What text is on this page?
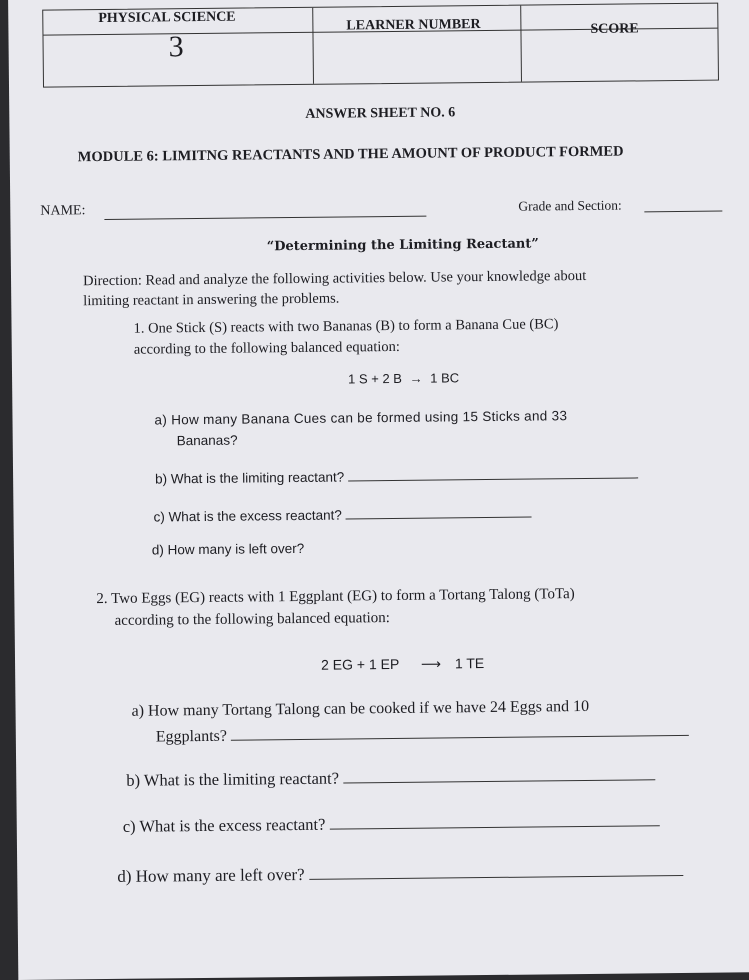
PHYSICAL SCIENCE
3
LEARNER NUMBER	SCORE
ANSWER SHEET NO. 6
MODULE 6: LIMITNG REACTANTS AND THE AMOUNT OF PRODUCT FORMED
NAME:	Grade and Section:
“Determining the Limiting Reactant”
Direction: Read and analyze the following activities below. Use your knowledge about
limiting reactant in answering the problems.
1. One Stick (S) reacts with two Bananas (B) to form a Banana Cue (BC)
according to the following balanced equation:
1 S + 2 B → 1 BC
a) How many Banana Cues can be formed using 15 Sticks and 33
Bananas?
b) What is the limiting reactant?
c) What is the excess reactant?
d) How many is left over?
2. Two Eggs (EG) reacts with 1 Eggplant (EG) to form a Tortang Talong (ToTa)
according to the following balanced equation:
2 EG + 1 EP ⟶ 1 TE
a) How many Tortang Talong can be cooked if we have 24 Eggs and 10
Eggplants?
b) What is the limiting reactant?
c) What is the excess reactant?
d) How many are left over?
